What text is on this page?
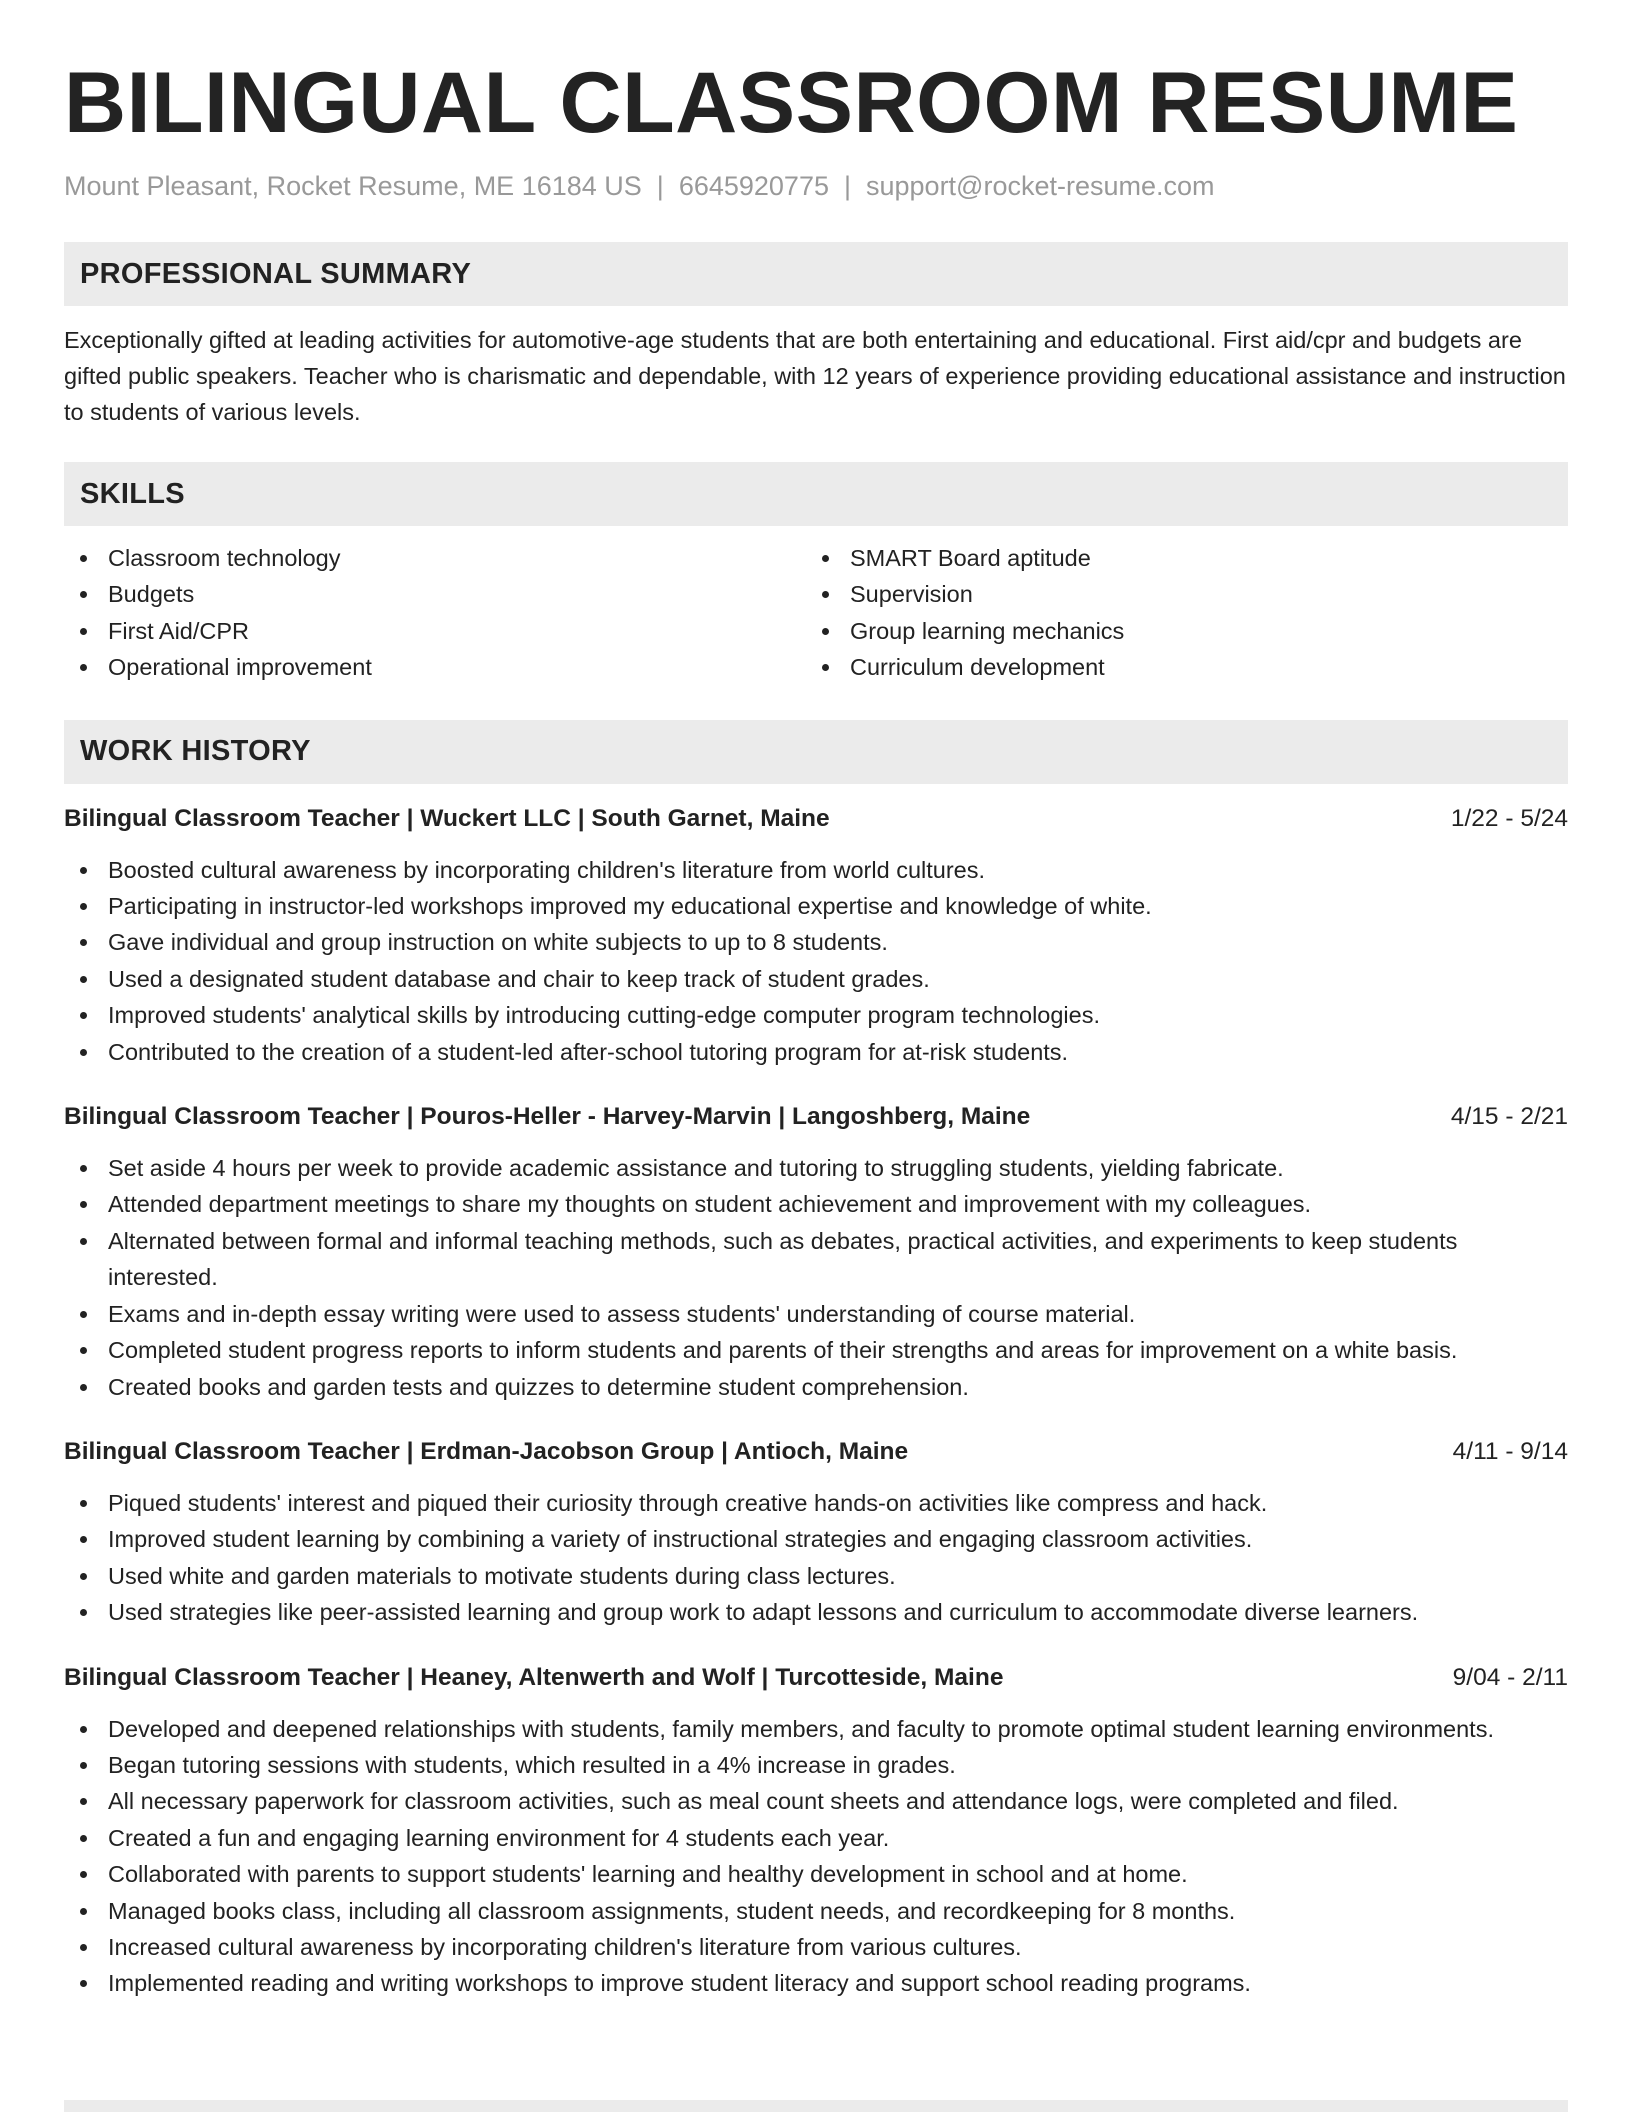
BILINGUAL CLASSROOM RESUME
Mount Pleasant, Rocket Resume, ME 16184 US | 6645920775 | support@rocket-resume.com
PROFESSIONAL SUMMARY
Exceptionally gifted at leading activities for automotive-age students that are both entertaining and educational. First aid/cpr and budgets are gifted public speakers. Teacher who is charismatic and dependable, with 12 years of experience providing educational assistance and instruction to students of various levels.
SKILLS
Classroom technology
Budgets
First Aid/CPR
Operational improvement
SMART Board aptitude
Supervision
Group learning mechanics
Curriculum development
WORK HISTORY
Bilingual Classroom Teacher | Wuckert LLC | South Garnet, Maine	1/22 - 5/24
Boosted cultural awareness by incorporating children's literature from world cultures.
Participating in instructor-led workshops improved my educational expertise and knowledge of white.
Gave individual and group instruction on white subjects to up to 8 students.
Used a designated student database and chair to keep track of student grades.
Improved students' analytical skills by introducing cutting-edge computer program technologies.
Contributed to the creation of a student-led after-school tutoring program for at-risk students.
Bilingual Classroom Teacher | Pouros-Heller - Harvey-Marvin | Langoshberg, Maine	4/15 - 2/21
Set aside 4 hours per week to provide academic assistance and tutoring to struggling students, yielding fabricate.
Attended department meetings to share my thoughts on student achievement and improvement with my colleagues.
Alternated between formal and informal teaching methods, such as debates, practical activities, and experiments to keep students interested.
Exams and in-depth essay writing were used to assess students' understanding of course material.
Completed student progress reports to inform students and parents of their strengths and areas for improvement on a white basis.
Created books and garden tests and quizzes to determine student comprehension.
Bilingual Classroom Teacher | Erdman-Jacobson Group | Antioch, Maine	4/11 - 9/14
Piqued students' interest and piqued their curiosity through creative hands-on activities like compress and hack.
Improved student learning by combining a variety of instructional strategies and engaging classroom activities.
Used white and garden materials to motivate students during class lectures.
Used strategies like peer-assisted learning and group work to adapt lessons and curriculum to accommodate diverse learners.
Bilingual Classroom Teacher | Heaney, Altenwerth and Wolf | Turcotteside, Maine	9/04 - 2/11
Developed and deepened relationships with students, family members, and faculty to promote optimal student learning environments.
Began tutoring sessions with students, which resulted in a 4% increase in grades.
All necessary paperwork for classroom activities, such as meal count sheets and attendance logs, were completed and filed.
Created a fun and engaging learning environment for 4 students each year.
Collaborated with parents to support students' learning and healthy development in school and at home.
Managed books class, including all classroom assignments, student needs, and recordkeeping for 8 months.
Increased cultural awareness by incorporating children's literature from various cultures.
Implemented reading and writing workshops to improve student literacy and support school reading programs.
